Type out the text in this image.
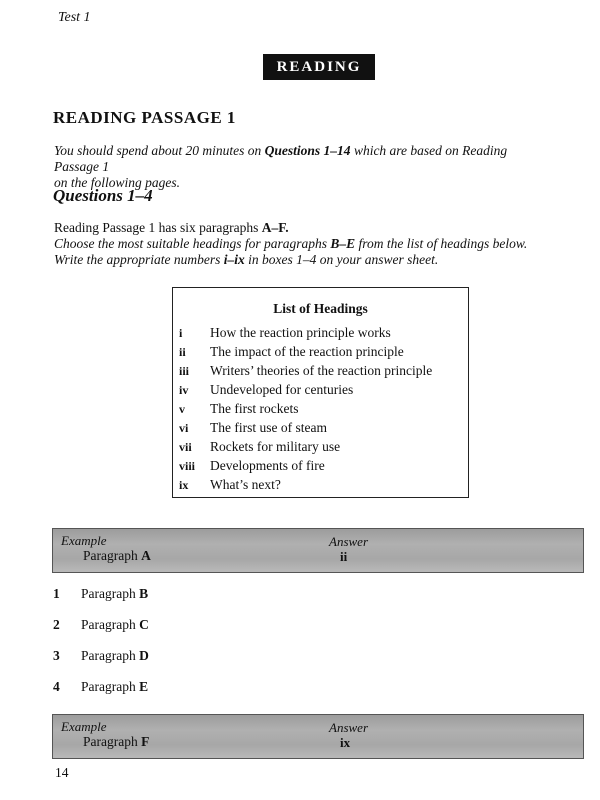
Test 1
READING
READING PASSAGE 1
You should spend about 20 minutes on Questions 1–14 which are based on Reading Passage 1
on the following pages.
Questions 1–4
Reading Passage 1 has six paragraphs A–F.
Choose the most suitable headings for paragraphs B–E from the list of headings below.
Write the appropriate numbers i–ix in boxes 1–4 on your answer sheet.
List of Headings
i How the reaction principle works
ii The impact of the reaction principle
iii Writers’ theories of the reaction principle
iv Undeveloped for centuries
v The first rockets
vi The first use of steam
vii Rockets for military use
viii Developments of fire
ix What’s next?
Example
Paragraph A
Answer
ii
1 Paragraph B
2 Paragraph C
3 Paragraph D
4 Paragraph E
Example
Paragraph F
Answer
ix
14
